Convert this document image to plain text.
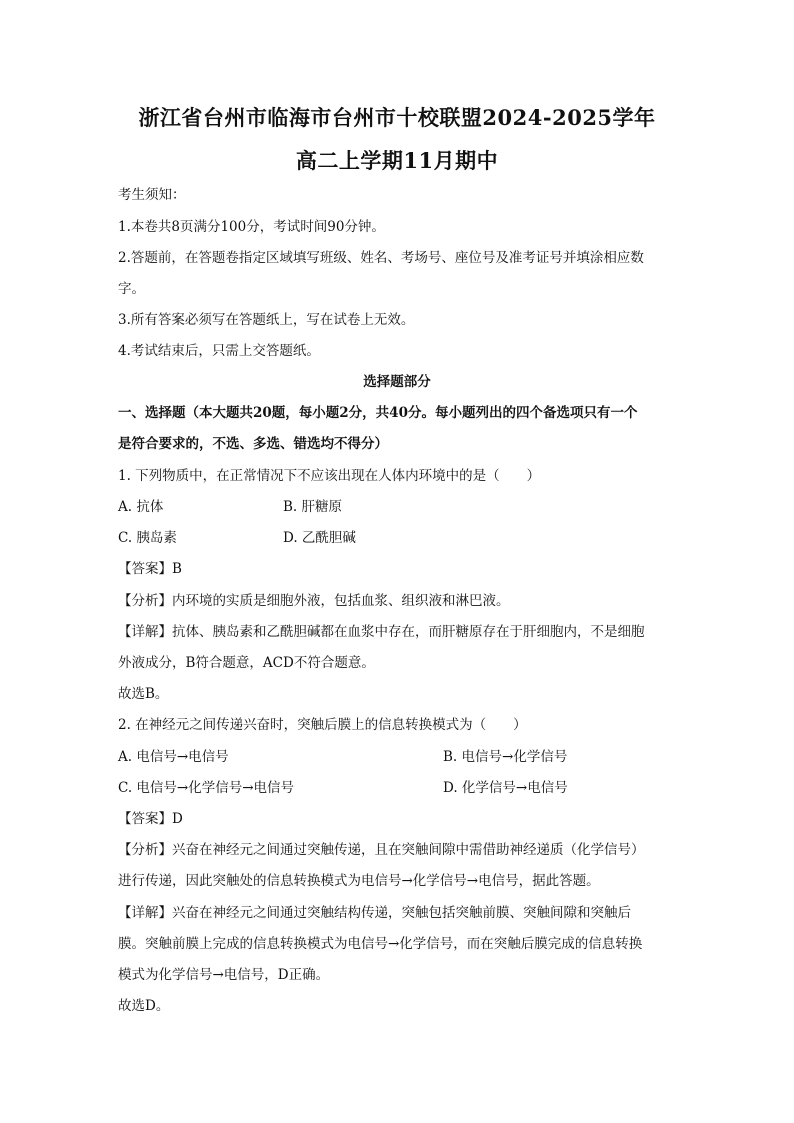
浙江省台州市临海市台州市十校联盟2024-2025学年
高二上学期11月期中
考生须知：
1.本卷共8页满分100分，考试时间90分钟。
2.答题前，在答题卷指定区域填写班级、姓名、考场号、座位号及准考证号并填涂相应数
字。
3.所有答案必须写在答题纸上，写在试卷上无效。
4.考试结束后，只需上交答题纸。
选择题部分
一、选择题（本大题共20题，每小题2分，共40分。每小题列出的四个备选项只有一个
是符合要求的，不选、多选、错选均不得分）
1. 下列物质中，在正常情况下不应该出现在人体内环境中的是（　　）
A. 抗体	B. 肝糖原
C. 胰岛素	D. 乙酰胆碱
【答案】B
【分析】内环境的实质是细胞外液，包括血浆、组织液和淋巴液。
【详解】抗体、胰岛素和乙酰胆碱都在血浆中存在，而肝糖原存在于肝细胞内，不是细胞
外液成分，B符合题意，ACD不符合题意。
故选B。
2. 在神经元之间传递兴奋时，突触后膜上的信息转换模式为（　　）
A. 电信号→电信号	B. 电信号→化学信号
C. 电信号→化学信号→电信号	D. 化学信号→电信号
【答案】D
【分析】兴奋在神经元之间通过突触传递，且在突触间隙中需借助神经递质（化学信号）
进行传递，因此突触处的信息转换模式为电信号→化学信号→电信号，据此答题。
【详解】兴奋在神经元之间通过突触结构传递，突触包括突触前膜、突触间隙和突触后
膜。突触前膜上完成的信息转换模式为电信号→化学信号，而在突触后膜完成的信息转换
模式为化学信号→电信号，D正确。
故选D。
